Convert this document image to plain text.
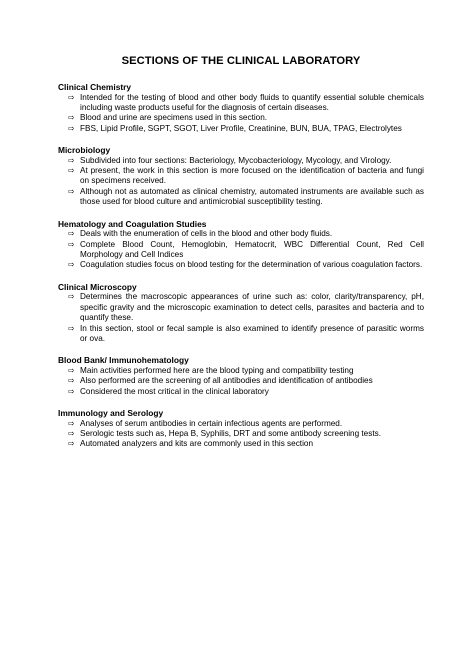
SECTIONS OF THE CLINICAL LABORATORY
Clinical Chemistry
⇨ Intended for the testing of blood and other body fluids to quantify essential soluble chemicals including waste products useful for the diagnosis of certain diseases.
⇨ Blood and urine are specimens used in this section.
⇨ FBS, Lipid Profile, SGPT, SGOT, Liver Profile, Creatinine, BUN, BUA, TPAG, Electrolytes
Microbiology
⇨ Subdivided into four sections: Bacteriology, Mycobacteriology, Mycology, and Virology.
⇨ At present, the work in this section is more focused on the identification of bacteria and fungi on specimens received.
⇨ Although not as automated as clinical chemistry, automated instruments are available such as those used for blood culture and antimicrobial susceptibility testing.
Hematology and Coagulation Studies
⇨ Deals with the enumeration of cells in the blood and other body fluids.
⇨ Complete Blood Count, Hemoglobin, Hematocrit, WBC Differential Count, Red Cell Morphology and Cell Indices
⇨ Coagulation studies focus on blood testing for the determination of various coagulation factors.
Clinical Microscopy
⇨ Determines the macroscopic appearances of urine such as: color, clarity/transparency, pH, specific gravity and the microscopic examination to detect cells, parasites and bacteria and to quantify these.
⇨ In this section, stool or fecal sample is also examined to identify presence of parasitic worms or ova.
Blood Bank/ Immunohematology
⇨ Main activities performed here are the blood typing and compatibility testing
⇨ Also performed are the screening of all antibodies and identification of antibodies
⇨ Considered the most critical in the clinical laboratory
Immunology and Serology
⇨ Analyses of serum antibodies in certain infectious agents are performed.
⇨ Serologic tests such as, Hepa B, Syphilis, DRT and some antibody screening tests.
⇨ Automated analyzers and kits are commonly used in this section
